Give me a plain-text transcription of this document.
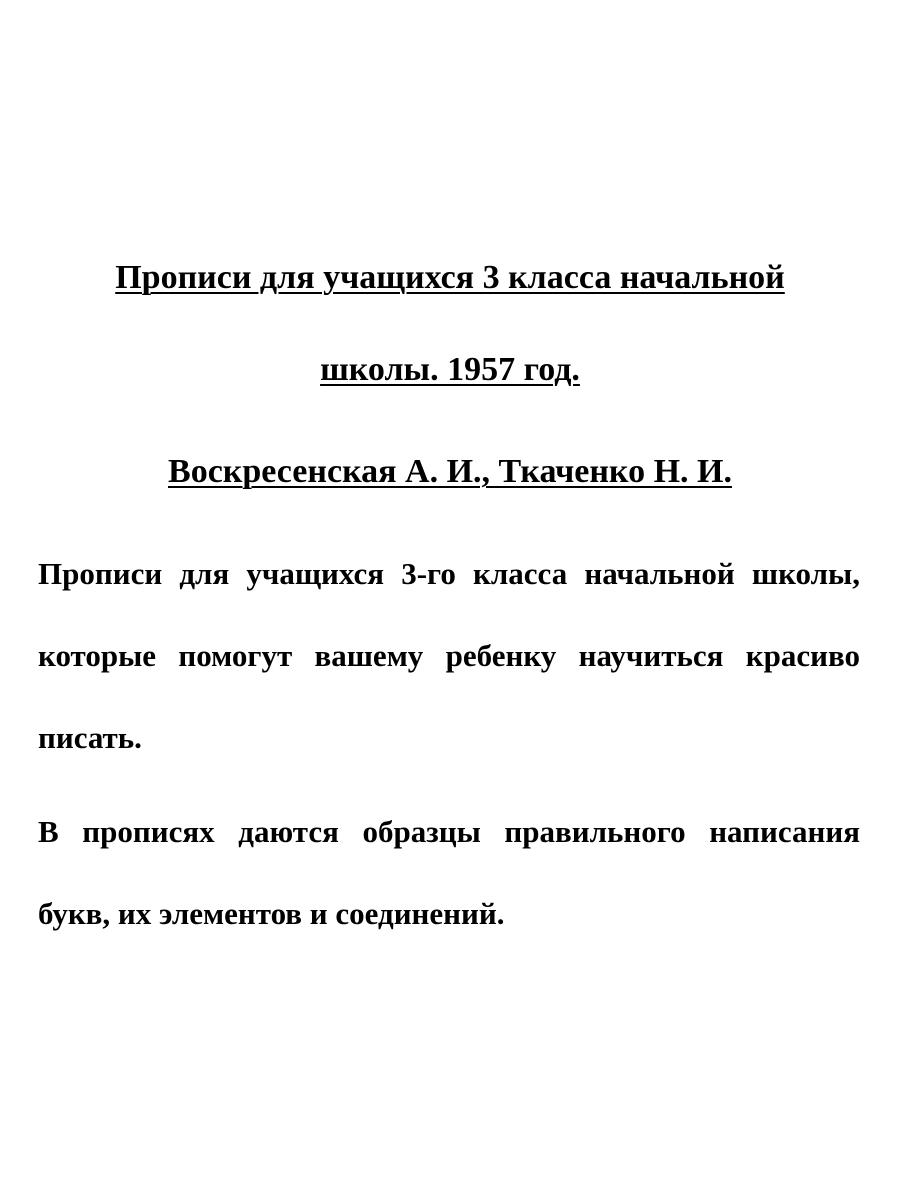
Прописи для учащихся 3 класса начальной
школы. 1957 год.
Воскресенская А. И., Ткаченко Н. И.

Прописи для учащихся 3-го класса начальной школы, которые помогут вашему ребенку научиться красиво писать.

В прописях даются образцы правильного написания букв, их элементов и соединений.
